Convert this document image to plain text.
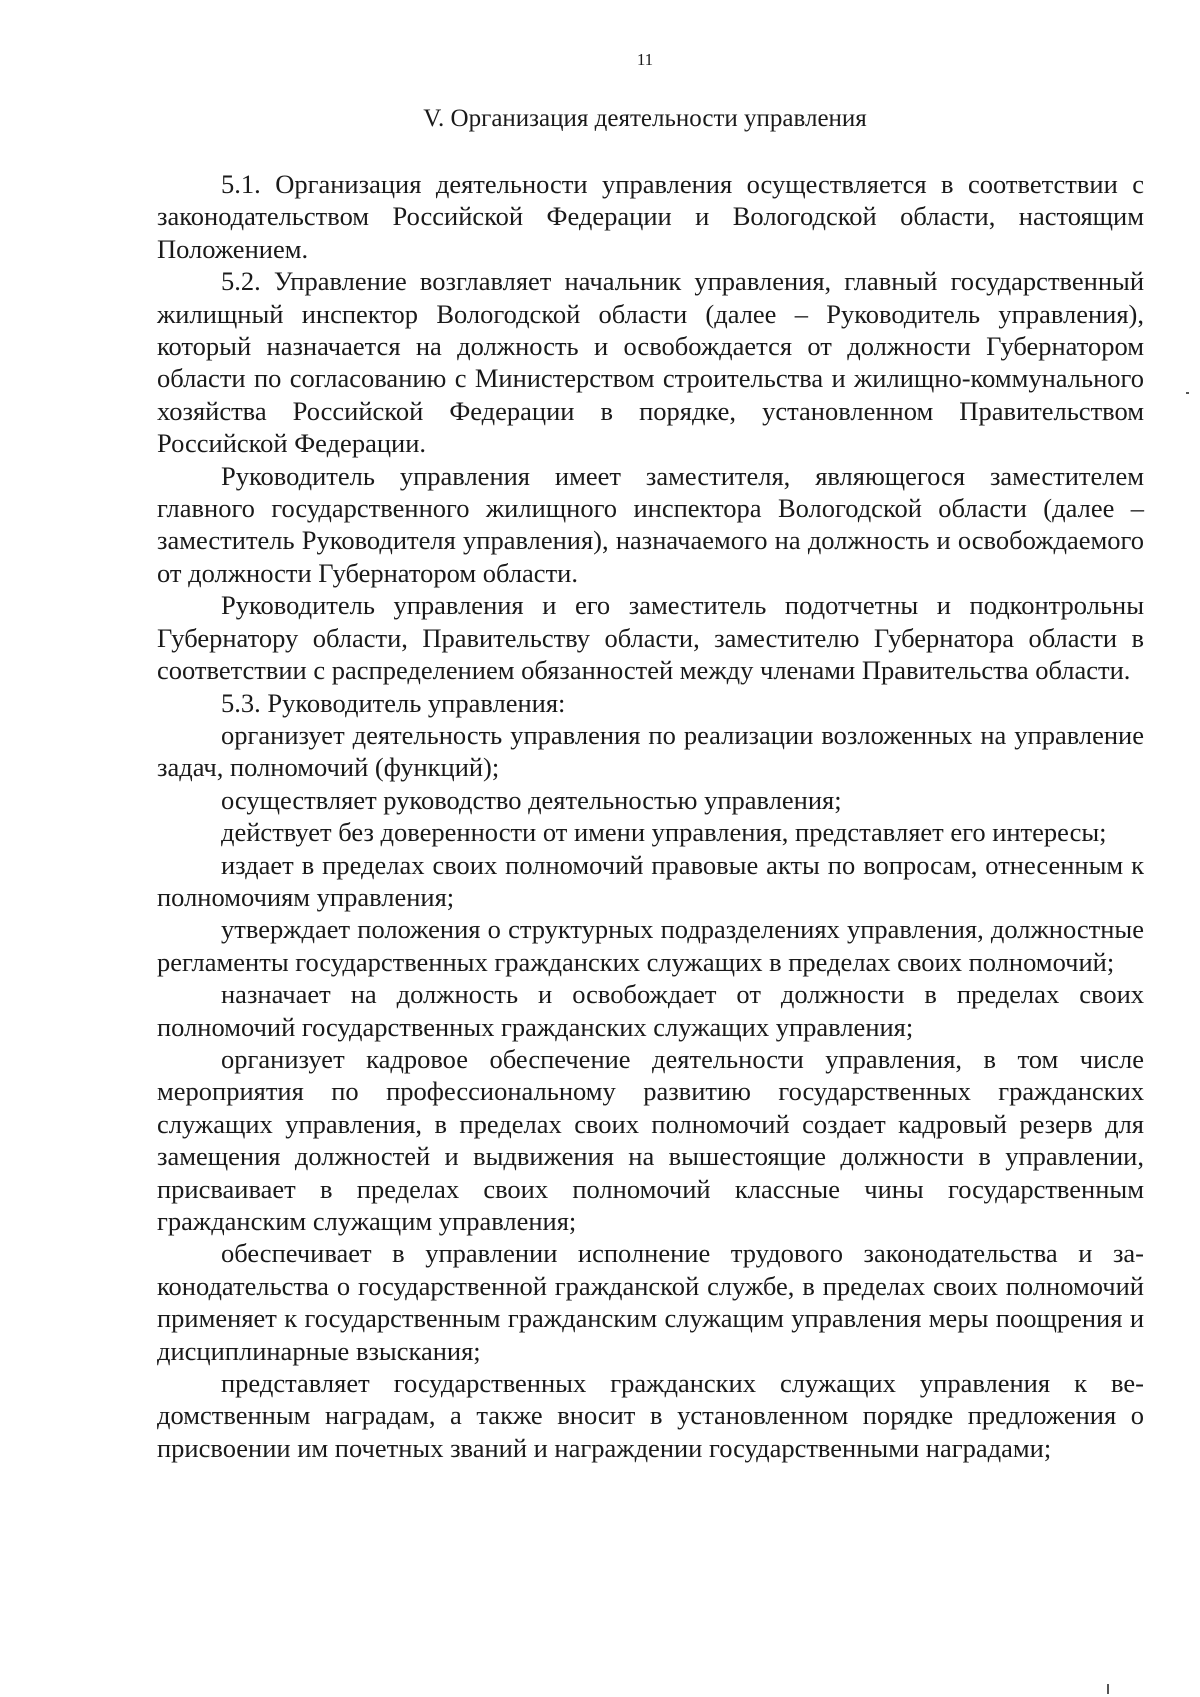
11
V. Организация деятельности управления

5.1. Организация деятельности управления осуществляется в соответствии с законодательством Российской Федерации и Вологодской области, настоящим Положением.

5.2. Управление возглавляет начальник управления, главный государственный жилищный инспектор Вологодской области (далее – Руководитель управления), который назначается на должность и освобождается от должности Губернатором области по согласованию с Министерством строительства и жилищно-коммунального хозяйства Российской Федерации в порядке, установленном Правительством Российской Федерации.

Руководитель управления имеет заместителя, являющегося заместителем главного государственного жилищного инспектора Вологодской области (далее – заместитель Руководителя управления), назначаемого на должность и освобождаемого от должности Губернатором области.

Руководитель управления и его заместитель подотчетны и подконтрольны Губернатору области, Правительству области, заместителю Губернатора области в соответствии с распределением обязанностей между членами Правительства области.

5.3. Руководитель управления:

организует деятельность управления по реализации возложенных на управление задач, полномочий (функций);

осуществляет руководство деятельностью управления;

действует без доверенности от имени управления, представляет его интересы;

издает в пределах своих полномочий правовые акты по вопросам, отнесенным к полномочиям управления;

утверждает положения о структурных подразделениях управления, должностные регламенты государственных гражданских служащих в пределах своих полномочий;

назначает на должность и освобождает от должности в пределах своих полномочий государственных гражданских служащих управления;

организует кадровое обеспечение деятельности управления, в том числе мероприятия по профессиональному развитию государственных гражданских служащих управления, в пределах своих полномочий создает кадровый резерв для замещения должностей и выдвижения на вышестоящие должности в управлении, присваивает в пределах своих полномочий классные чины государственным гражданским служащим управления;

обеспечивает в управлении исполнение трудового законодательства и законодательства о государственной гражданской службе, в пределах своих полномочий применяет к государственным гражданским служащим управления меры поощрения и дисциплинарные взыскания;

представляет государственных гражданских служащих управления к ведомственным наградам, а также вносит в установленном порядке предложения о присвоении им почетных званий и награждении государственными наградами;
